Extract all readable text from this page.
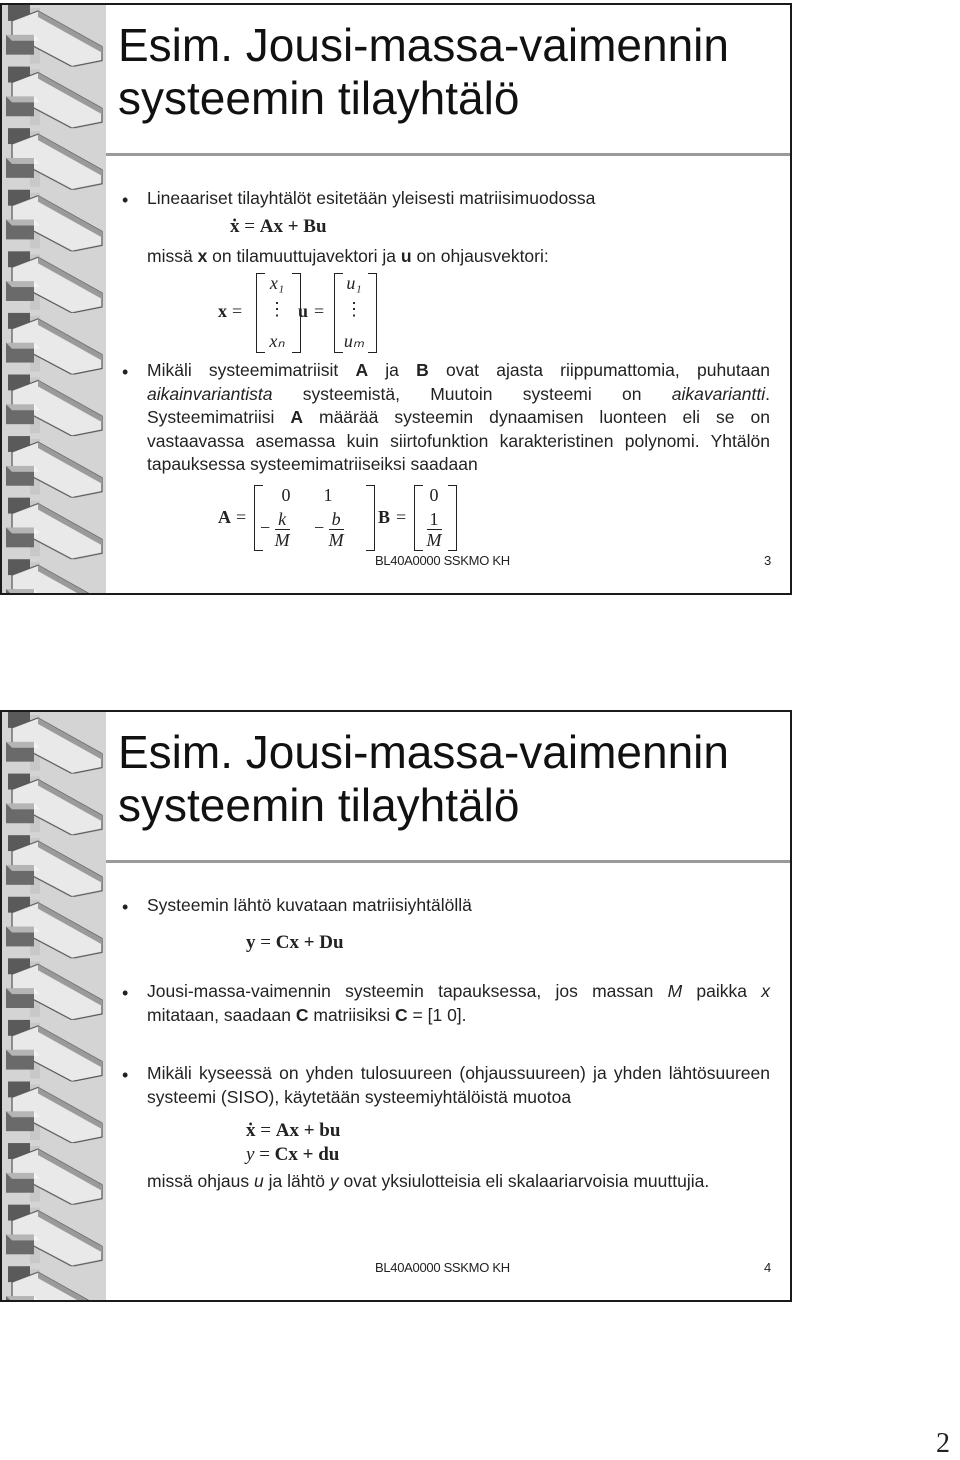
Esim. Jousi-massa-vaimennin
systeemin tilayhtälö
• Lineaariset tilayhtälöt esitetään yleisesti matriisimuodossa
ẋ = Ax + Bu
missä x on tilamuuttujavektori ja u on ohjausvektori:
x =
x₁
⋮
xₙ
u =
u₁
⋮
uₘ
• Mikäli systeemimatriisit A ja B ovat ajasta riippumattomia, puhutaan aikainvariantista systeemistä, Muutoin systeemi on aikavariantti. Systeemimatriisi A määrää systeemin dynaamisen luonteen eli se on vastaavassa asemassa kuin siirtofunktion karakteristinen polynomi. Yhtälön tapauksessa systeemimatriiseiksi saadaan
A =
0	1
− $\frac{k}{M} - \frac{b}{M}$ B =
0
$\frac{1}{M}$
BL40A0000 SSKMO KH	3
Esim. Jousi-massa-vaimennin
systeemin tilayhtälö
• Systeemin lähtö kuvataan matriisiyhtälöllä
y = Cx + Du
• Jousi-massa-vaimennin systeemin tapauksessa, jos massan M paikka x mitataan, saadaan C matriisiksi C = [1 0].
• Mikäli kyseessä on yhden tulosuureen (ohjaussuureen) ja yhden lähtösuureen systeemi (SISO), käytetään systeemiyhtälöistä muotoa
ẋ = Ax + bu
y = Cx + du
missä ohjaus u ja lähtö y ovat yksiulotteisia eli skalaariarvoisia muuttujia.
BL40A0000 SSKMO KH	4
2
